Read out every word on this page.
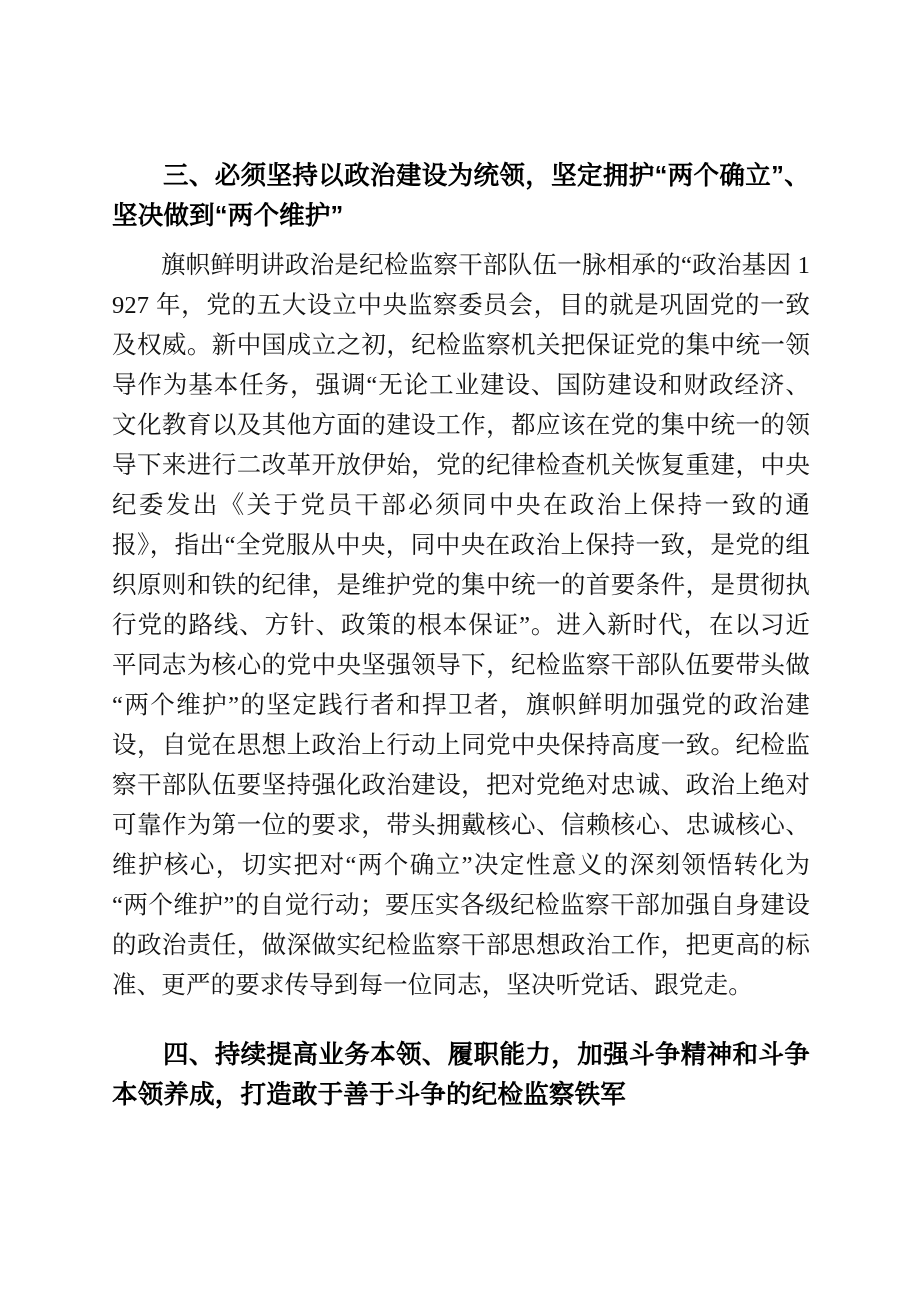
三、必须坚持以政治建设为统领，坚定拥护“两个确立”、坚决做到“两个维护”

旗帜鲜明讲政治是纪检监察干部队伍一脉相承的“政治基因 1927 年，党的五大设立中央监察委员会，目的就是巩固党的一致及权威。新中国成立之初，纪检监察机关把保证党的集中统一领导作为基本任务，强调“无论工业建设、国防建设和财政经济、文化教育以及其他方面的建设工作，都应该在党的集中统一的领导下来进行二改革开放伊始，党的纪律检查机关恢复重建，中央纪委发出《关于党员干部必须同中央在政治上保持一致的通报》，指出“全党服从中央，同中央在政治上保持一致，是党的组织原则和铁的纪律，是维护党的集中统一的首要条件，是贯彻执行党的路线、方针、政策的根本保证”。进入新时代，在以习近平同志为核心的党中央坚强领导下，纪检监察干部队伍要带头做“两个维护”的坚定践行者和捍卫者，旗帜鲜明加强党的政治建设，自觉在思想上政治上行动上同党中央保持高度一致。纪检监察干部队伍要坚持强化政治建设，把对党绝对忠诚、政治上绝对可靠作为第一位的要求，带头拥戴核心、信赖核心、忠诚核心、维护核心，切实把对“两个确立”决定性意义的深刻领悟转化为“两个维护”的自觉行动；要压实各级纪检监察干部加强自身建设的政治责任，做深做实纪检监察干部思想政治工作，把更高的标准、更严的要求传导到每一位同志，坚决听党话、跟党走。

四、持续提高业务本领、履职能力，加强斗争精神和斗争本领养成，打造敢于善于斗争的纪检监察铁军
